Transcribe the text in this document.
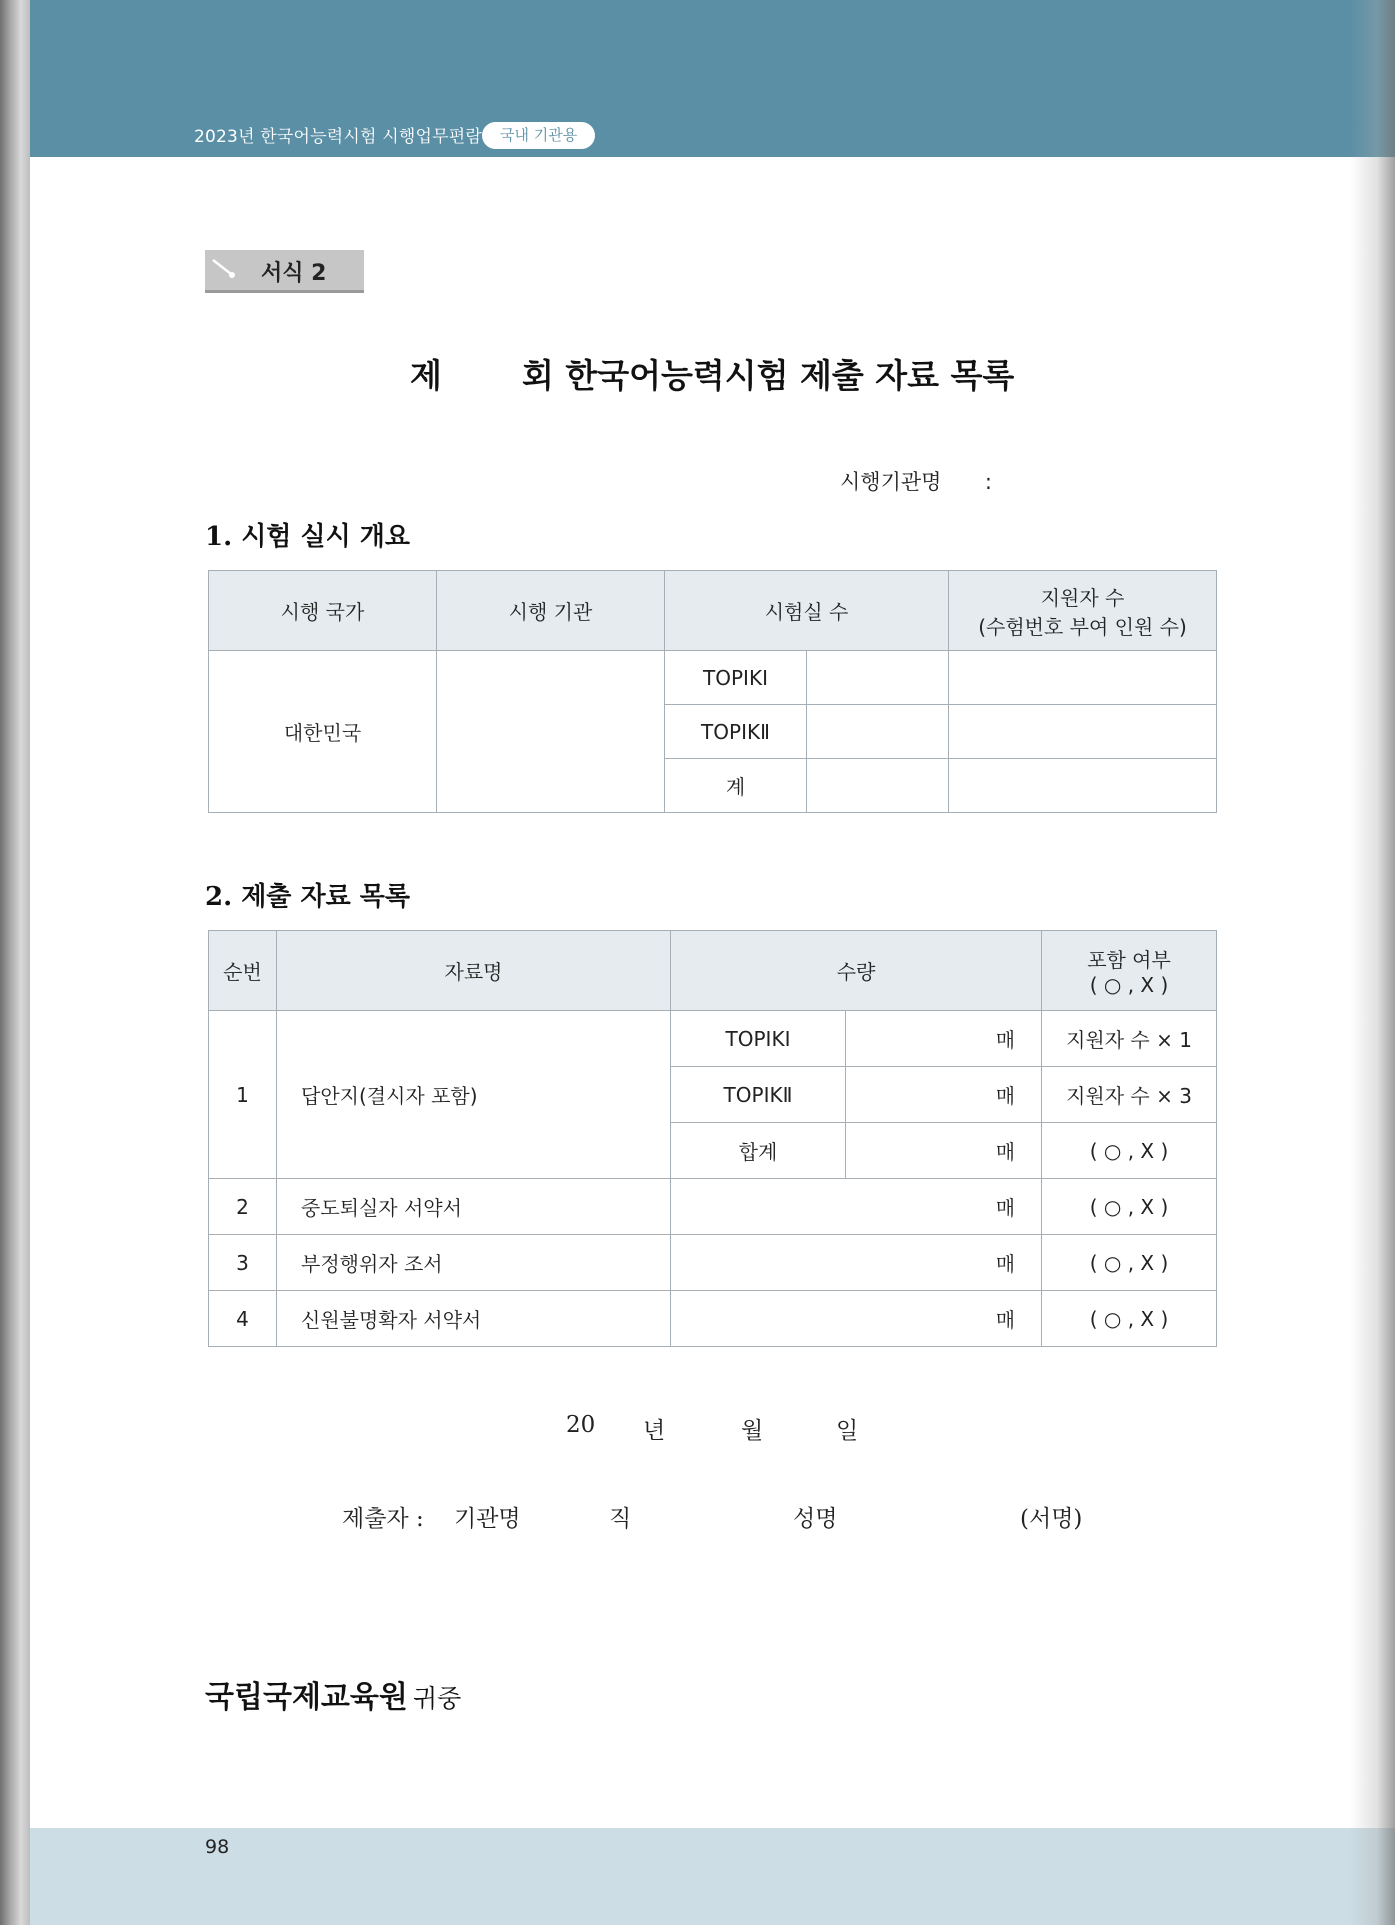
2023년 한국어능력시험 시행업무편람	국내 기관용
서식 2
제 회 한국어능력시험 제출 자료 목록
시행기관명 :
1. 시험 실시 개요
시행 국가	시행 기관	시험실 수		지원자 수
(수험번호 부여 인원 수)

대한민국		TOPIKⅠ		
		TOPIKⅡ		
		계		
2. 제출 자료 목록
순번	자료명	수량		포함 여부
( ○ , X )

1	답안지(결시자 포함)	TOPIKⅠ	매	지원자 수 × 1
		TOPIKⅡ	매	지원자 수 × 3
		합계	매	( ○ , X )
2	중도퇴실자 서약서	매		( ○ , X )
3	부정행위자 조서	매		( ○ , X )
4	신원불명확자 서약서	매		( ○ , X )
20 년	월	일
제출자 : 기관명	직	성명	(서명)
국립국제교육원 귀중
98
